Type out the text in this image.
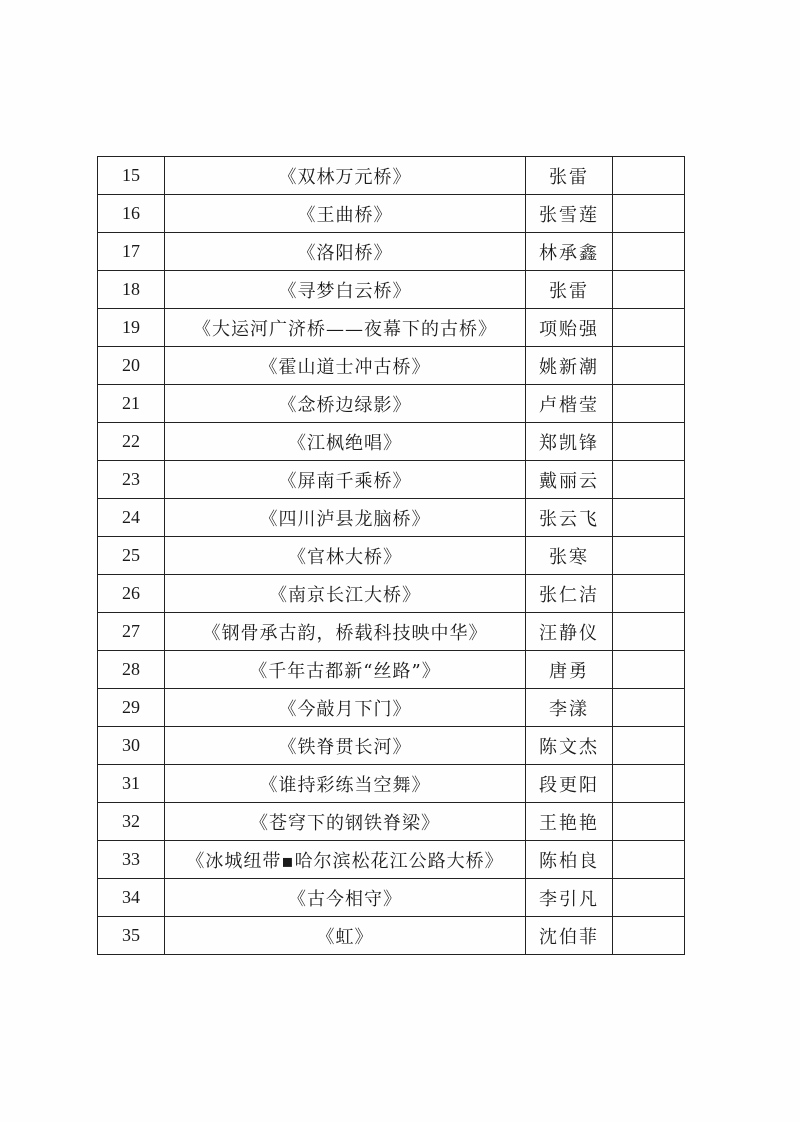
15	《双林万元桥》	张雷	
16	《王曲桥》	张雪莲	
17	《洛阳桥》	林承鑫	
18	《寻梦白云桥》	张雷	
19	《大运河广济桥——夜幕下的古桥》	项贻强	
20	《霍山道士冲古桥》	姚新潮	
21	《念桥边绿影》	卢楷莹	
22	《江枫绝唱》	郑凯锋	
23	《屏南千乘桥》	戴丽云	
24	《四川泸县龙脑桥》	张云飞	
25	《官林大桥》	张寒	
26	《南京长江大桥》	张仁洁	
27	《钢骨承古韵，桥载科技映中华》	汪静仪	
28	《千年古都新“丝路”》	唐勇	
29	《今敲月下门》	李漾	
30	《铁脊贯长河》	陈文杰	
31	《谁持彩练当空舞》	段更阳	
32	《苍穹下的钢铁脊梁》	王艳艳	
33	《冰城纽带▪哈尔滨松花江公路大桥》	陈柏良	
34	《古今相守》	李引凡	
35	《虹》	沈伯菲	
